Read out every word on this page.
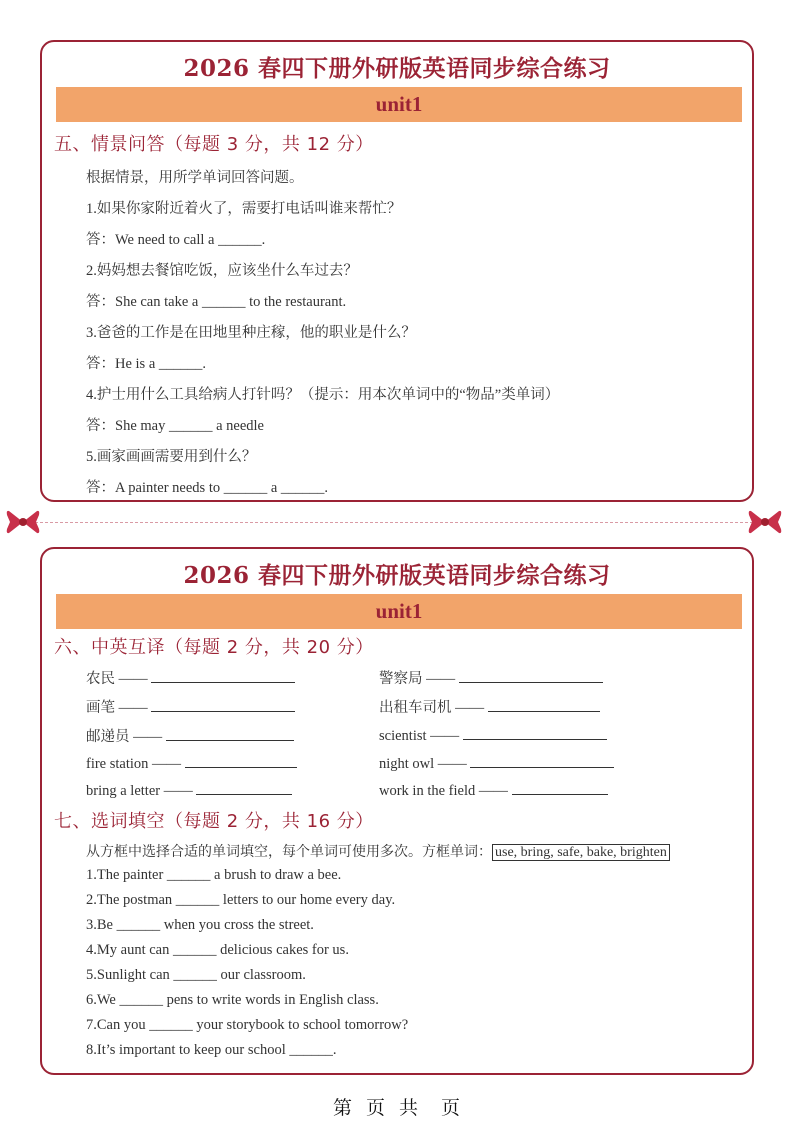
2026 春四下册外研版英语同步综合练习
unit1
五、情景问答（每题 3 分，共 12 分）
根据情景，用所学单词回答问题。
1.如果你家附近着火了，需要打电话叫谁来帮忙？
答：We need to call a ______.
2.妈妈想去餐馆吃饭，应该坐什么车过去？
答：She can take a ______ to the restaurant.
3.爸爸的工作是在田地里种庄稼，他的职业是什么？
答：He is a ______.
4.护士用什么工具给病人打针吗？（提示：用本次单词中的“物品”类单词）
答：She may ______ a needle
5.画家画画需要用到什么？
答：A painter needs to ______ a ______.
2026 春四下册外研版英语同步综合练习
unit1
六、中英互译（每题 2 分，共 20 分）
农民 ——	警察局 ——
画笔 ——	出租车司机 ——
邮递员 ——	scientist ——
fire station ——	night owl ——
bring a letter ——	work in the field ——
七、选词填空（每题 2 分，共 16 分）
从方框中选择合适的单词填空，每个单词可使用多次。方框单词： use, bring, safe, bake, brighten
1.The painter ______ a brush to draw a bee.
2.The postman ______ letters to our home every day.
3.Be ______ when you cross the street.
4.My aunt can ______ delicious cakes for us.
5.Sunlight can ______ our classroom.
6.We ______ pens to write words in English class.
7.Can you ______ your storybook to school tomorrow?
8.It’s important to keep our school ______.
第 页 共 页
